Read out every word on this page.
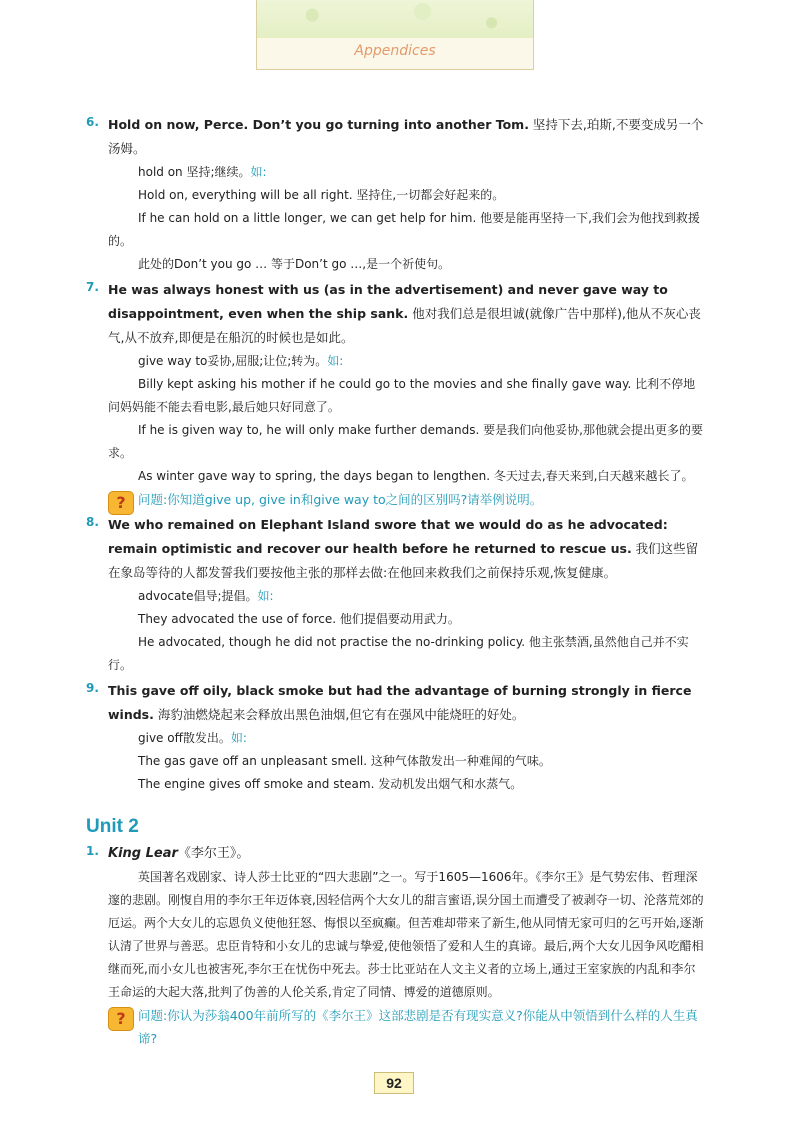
Appendices
6. Hold on now, Perce. Don’t you go turning into another Tom. 坚持下去,珀斯,不要变成另一个汤姆。
hold on 坚持;继续。如:
Hold on, everything will be all right. 坚持住,一切都会好起来的。
If he can hold on a little longer, we can get help for him. 他要是能再坚持一下,我们会为他找到救援的。
此处的Don’t you go … 等于Don’t go …,是一个祈使句。
7. He was always honest with us (as in the advertisement) and never gave way to disappointment, even when the ship sank. 他对我们总是很坦诚(就像广告中那样),他从不灰心丧气,从不放弃,即便是在船沉的时候也是如此。
give way to妥协,屈服;让位;转为。如:
Billy kept asking his mother if he could go to the movies and she finally gave way. 比利不停地问妈妈能不能去看电影,最后她只好同意了。
If he is given way to, he will only make further demands. 要是我们向他妥协,那他就会提出更多的要求。
As winter gave way to spring, the days began to lengthen. 冬天过去,春天来到,白天越来越长了。
? 问题:你知道give up, give in和give way to之间的区别吗?请举例说明。
8. We who remained on Elephant Island swore that we would do as he advocated: remain optimistic and recover our health before he returned to rescue us. 我们这些留在象岛等待的人都发誓我们要按他主张的那样去做:在他回来救我们之前保持乐观,恢复健康。
advocate倡导;提倡。如:
They advocated the use of force. 他们提倡要动用武力。
He advocated, though he did not practise the no-drinking policy. 他主张禁酒,虽然他自己并不实行。
9. This gave off oily, black smoke but had the advantage of burning strongly in fierce winds. 海豹油燃烧起来会释放出黑色油烟,但它有在强风中能烧旺的好处。
give off散发出。如:
The gas gave off an unpleasant smell. 这种气体散发出一种难闻的气味。
The engine gives off smoke and steam. 发动机发出烟气和水蒸气。
Unit 2
1. King Lear《李尔王》。
英国著名戏剧家、诗人莎士比亚的“四大悲剧”之一。写于1605—1606年。《李尔王》是气势宏伟、哲理深邃的悲剧。刚愎自用的李尔王年迈体衰,因轻信两个大女儿的甜言蜜语,误分国土而遭受了被剥夺一切、沦落荒郊的厄运。两个大女儿的忘恩负义使他狂怒、悔恨以至疯癫。但苦难却带来了新生,他从同情无家可归的乞丐开始,逐渐认清了世界与善恶。忠臣肯特和小女儿的忠诚与挚爱,使他领悟了爱和人生的真谛。最后,两个大女儿因争风吃醋相继而死,而小女儿也被害死,李尔王在忧伤中死去。莎士比亚站在人文主义者的立场上,通过王室家族的内乱和李尔王命运的大起大落,批判了伪善的人伦关系,肯定了同情、博爱的道德原则。
? 问题:你认为莎翁400年前所写的《李尔王》这部悲剧是否有现实意义?你能从中领悟到什么样的人生真谛?
92
